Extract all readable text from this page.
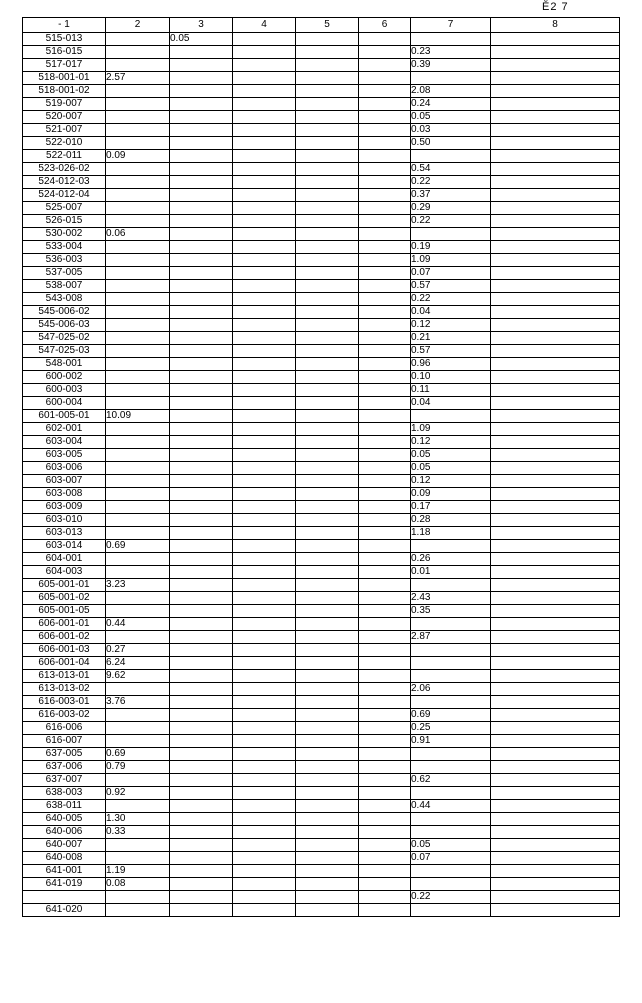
Ĕ2 7
- 1	2	3	4	5	6	7	8
515-013		0.05					
516-015						0.23	
517-017						0.39	
518-001-01	2.57						
518-001-02						2.08	
519-007						0.24	
520-007						0.05	
521-007						0.03	
522-010						0.50	
522-011	0.09						
523-026-02						0.54	
524-012-03						0.22	
524-012-04						0.37	
525-007						0.29	
526-015						0.22	
530-002	0.06						
533-004						0.19	
536-003						1.09	
537-005						0.07	
538-007						0.57	
543-008						0.22	
545-006-02						0.04	
545-006-03						0.12	
547-025-02						0.21	
547-025-03						0.57	
548-001						0.96	
600-002						0.10	
600-003						0.11	
600-004						0.04	
601-005-01	10.09						
602-001						1.09	
603-004						0.12	
603-005						0.05	
603-006						0.05	
603-007						0.12	
603-008						0.09	
603-009						0.17	
603-010						0.28	
603-013						1.18	
603-014	0.69						
604-001						0.26	
604-003						0.01	
605-001-01	3.23						
605-001-02						2.43	
605-001-05						0.35	
606-001-01	0.44						
606-001-02						2.87	
606-001-03	0.27						
606-001-04	6.24						
613-013-01	9.62						
613-013-02						2.06	
616-003-01	3.76						
616-003-02						0.69	
616-006						0.25	
616-007						0.91	
637-005	0.69						
637-006	0.79						
637-007						0.62	
638-003	0.92						
638-011						0.44	
640-005	1.30						
640-006	0.33						
640-007						0.05	
640-008						0.07	
641-001	1.19						
641-019	0.08						
						0.22	
641-020							
